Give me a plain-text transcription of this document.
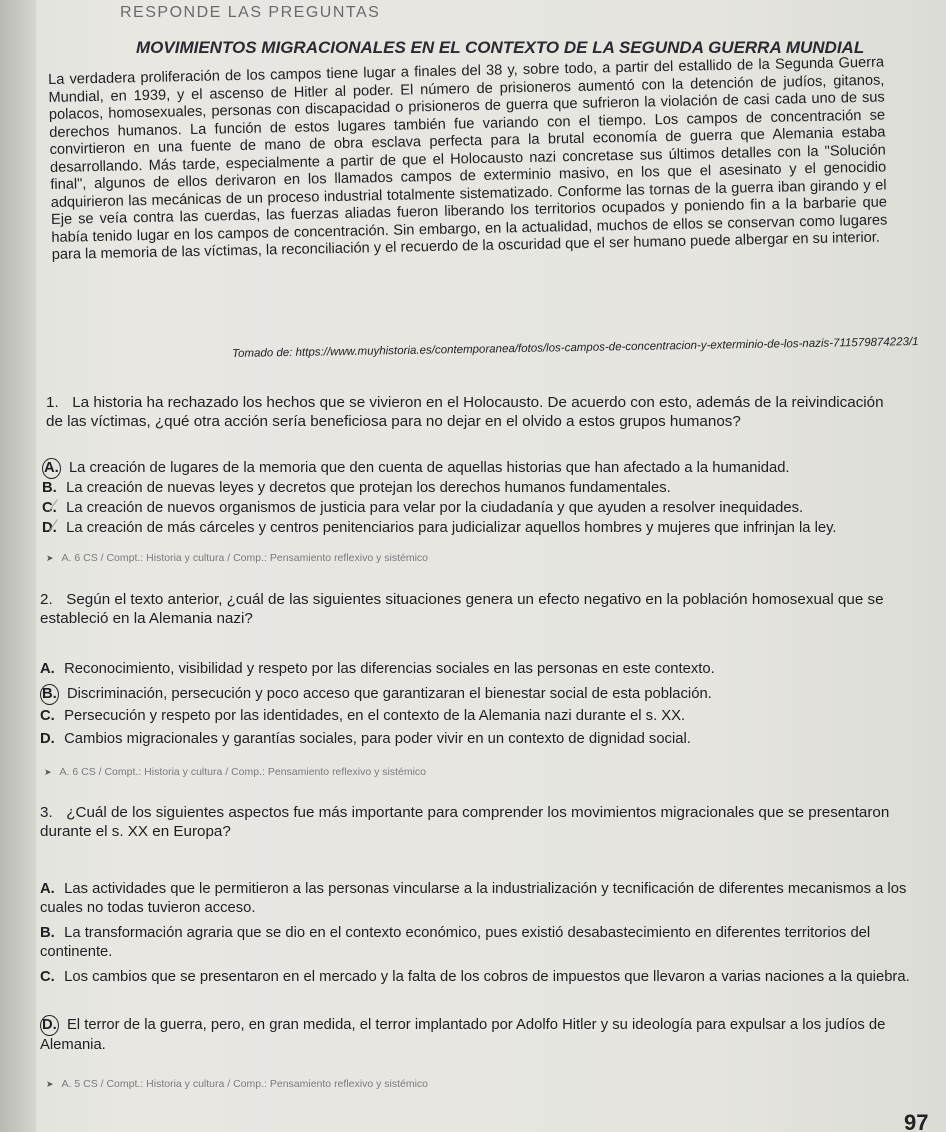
RESPONDE LAS PREGUNTAS
MOVIMIENTOS MIGRACIONALES EN EL CONTEXTO DE LA SEGUNDA GUERRA MUNDIAL
La verdadera proliferación de los campos tiene lugar a finales del 38 y, sobre todo, a partir del estallido de la Segunda Guerra Mundial, en 1939, y el ascenso de Hitler al poder. El número de prisioneros aumentó con la detención de judíos, gitanos, polacos, homosexuales, personas con discapacidad o prisioneros de guerra que sufrieron la violación de casi cada uno de sus derechos humanos. La función de estos lugares también fue variando con el tiempo. Los campos de concentración se convirtieron en una fuente de mano de obra esclava perfecta para la brutal economía de guerra que Alemania estaba desarrollando. Más tarde, especialmente a partir de que el Holocausto nazi concretase sus últimos detalles con la "Solución final", algunos de ellos derivaron en los llamados campos de exterminio masivo, en los que el asesinato y el genocidio adquirieron las mecánicas de un proceso industrial totalmente sistematizado. Conforme las tornas de la guerra iban girando y el Eje se veía contra las cuerdas, las fuerzas aliadas fueron liberando los territorios ocupados y poniendo fin a la barbarie que había tenido lugar en los campos de concentración. Sin embargo, en la actualidad, muchos de ellos se conservan como lugares para la memoria de las víctimas, la reconciliación y el recuerdo de la oscuridad que el ser humano puede albergar en su interior.
Tomado de: https://www.muyhistoria.es/contemporanea/fotos/los-campos-de-concentracion-y-exterminio-de-los-nazis-711579874223/1
1. La historia ha rechazado los hechos que se vivieron en el Holocausto. De acuerdo con esto, además de la reivindicación de las víctimas, ¿qué otra acción sería beneficiosa para no dejar en el olvido a estos grupos humanos?
A. La creación de lugares de la memoria que den cuenta de aquellas historias que han afectado a la humanidad.
B. La creación de nuevas leyes y decretos que protejan los derechos humanos fundamentales.
C. La creación de nuevos organismos de justicia para velar por la ciudadanía y que ayuden a resolver inequidades.
D. La creación de más cárceles y centros penitenciarios para judicializar aquellos hombres y mujeres que infrinjan la ley.
➤ A. 6 CS / Compt.: Historia y cultura / Comp.: Pensamiento reflexivo y sistémico
2. Según el texto anterior, ¿cuál de las siguientes situaciones genera un efecto negativo en la población homosexual que se estableció en la Alemania nazi?
A. Reconocimiento, visibilidad y respeto por las diferencias sociales en las personas en este contexto.
B. Discriminación, persecución y poco acceso que garantizaran el bienestar social de esta población.
C. Persecución y respeto por las identidades, en el contexto de la Alemania nazi durante el s. XX.
D. Cambios migracionales y garantías sociales, para poder vivir en un contexto de dignidad social.
➤ A. 6 CS / Compt.: Historia y cultura / Comp.: Pensamiento reflexivo y sistémico
3. ¿Cuál de los siguientes aspectos fue más importante para comprender los movimientos migracionales que se presentaron durante el s. XX en Europa?
A. Las actividades que le permitieron a las personas vincularse a la industrialización y tecnificación de diferentes mecanismos a los cuales no todas tuvieron acceso.
B. La transformación agraria que se dio en el contexto económico, pues existió desabastecimiento en diferentes territorios del continente.
C. Los cambios que se presentaron en el mercado y la falta de los cobros de impuestos que llevaron a varias naciones a la quiebra.
D. El terror de la guerra, pero, en gran medida, el terror implantado por Adolfo Hitler y su ideología para expulsar a los judíos de Alemania.
➤ A. 5 CS / Compt.: Historia y cultura / Comp.: Pensamiento reflexivo y sistémico
97
